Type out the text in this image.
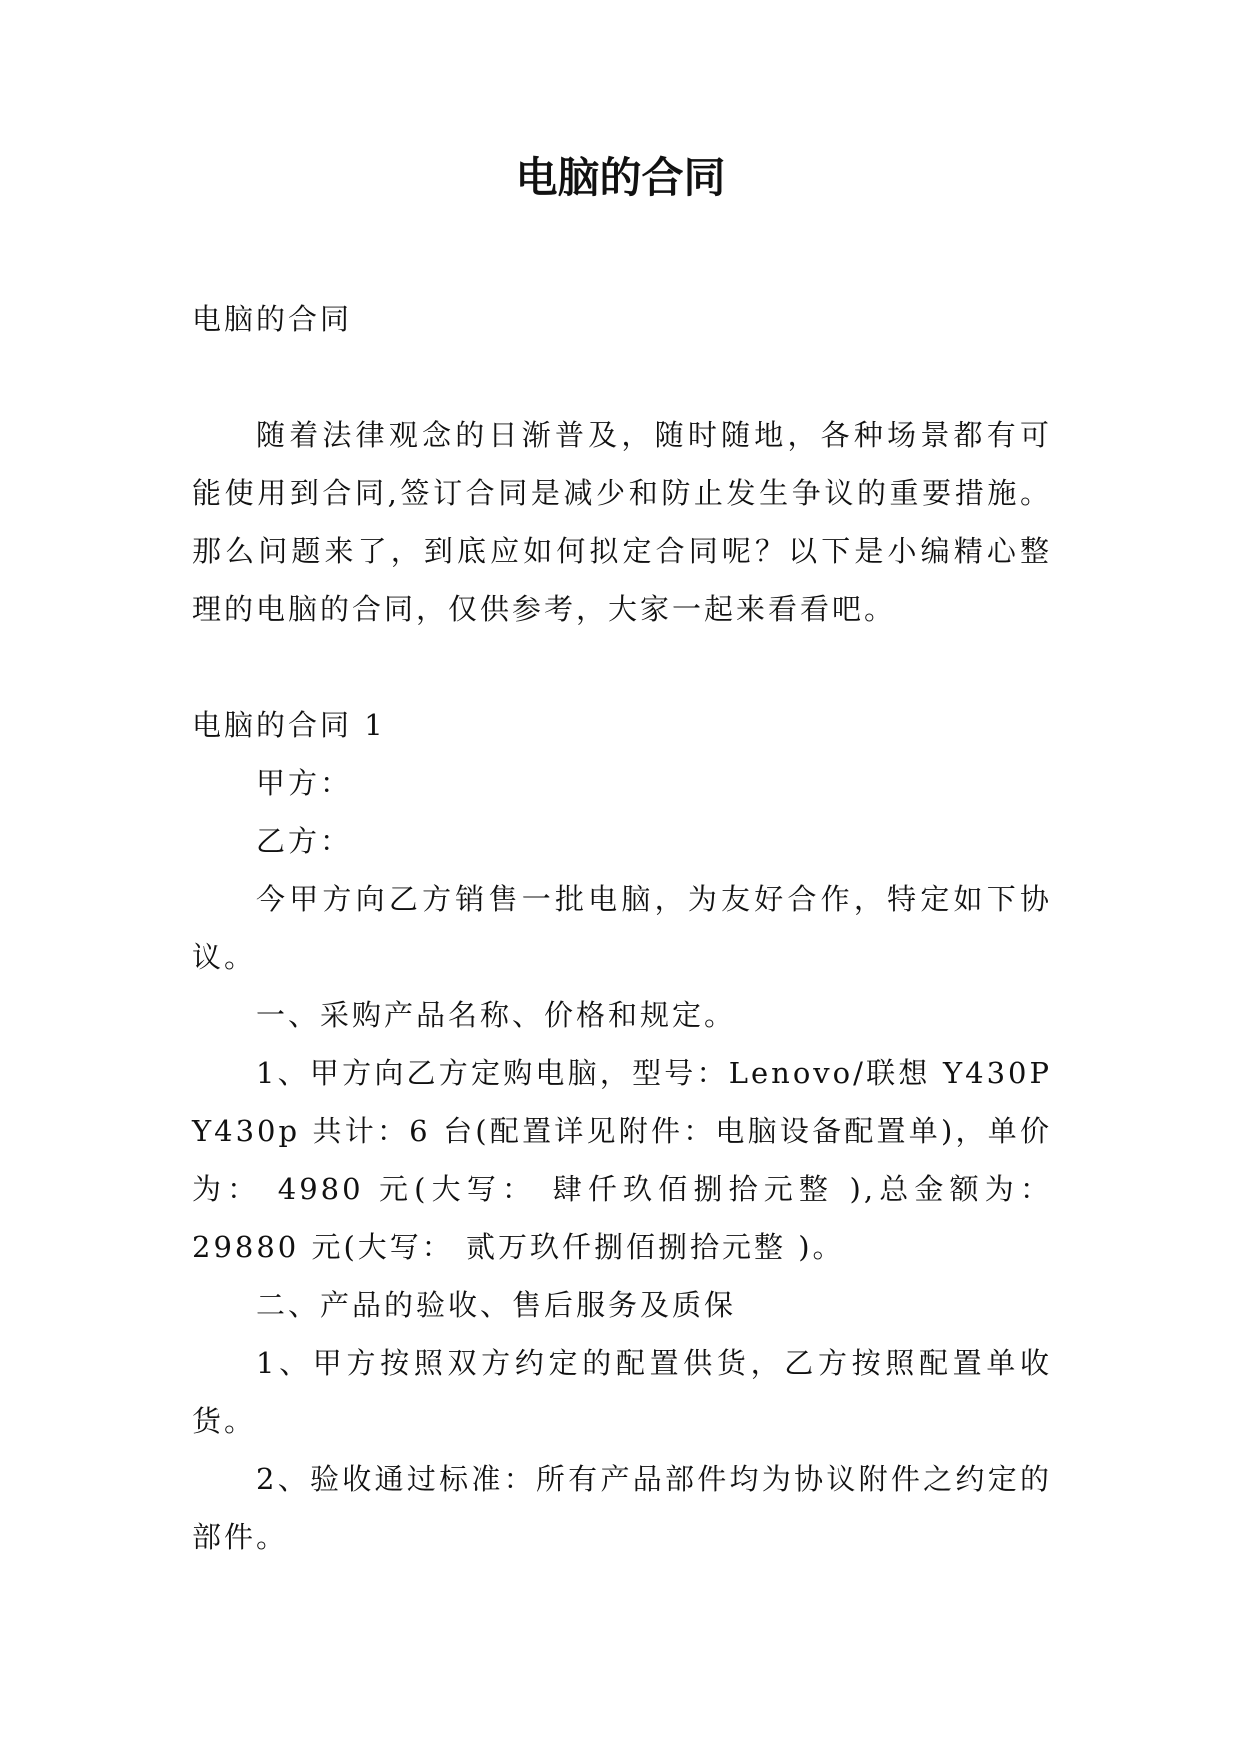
电脑的合同

电脑的合同

随着法律观念的日渐普及，随时随地，各种场景都有可能使用到合同,签订合同是减少和防止发生争议的重要措施。那么问题来了，到底应如何拟定合同呢？以下是小编精心整理的电脑的合同，仅供参考，大家一起来看看吧。

电脑的合同 1

甲方：

乙方：

今甲方向乙方销售一批电脑，为友好合作，特定如下协议。

一、采购产品名称、价格和规定。

1、甲方向乙方定购电脑，型号：Lenovo/联想 Y430P Y430p 共计：6 台(配置详见附件：电脑设备配置单)，单价为： 4980 元(大写： 肆仟玖佰捌拾元整 ),总金额为： 29880 元(大写： 贰万玖仟捌佰捌拾元整 )。

二、产品的验收、售后服务及质保

1、甲方按照双方约定的配置供货，乙方按照配置单收货。

2、验收通过标准：所有产品部件均为协议附件之约定的部件。
